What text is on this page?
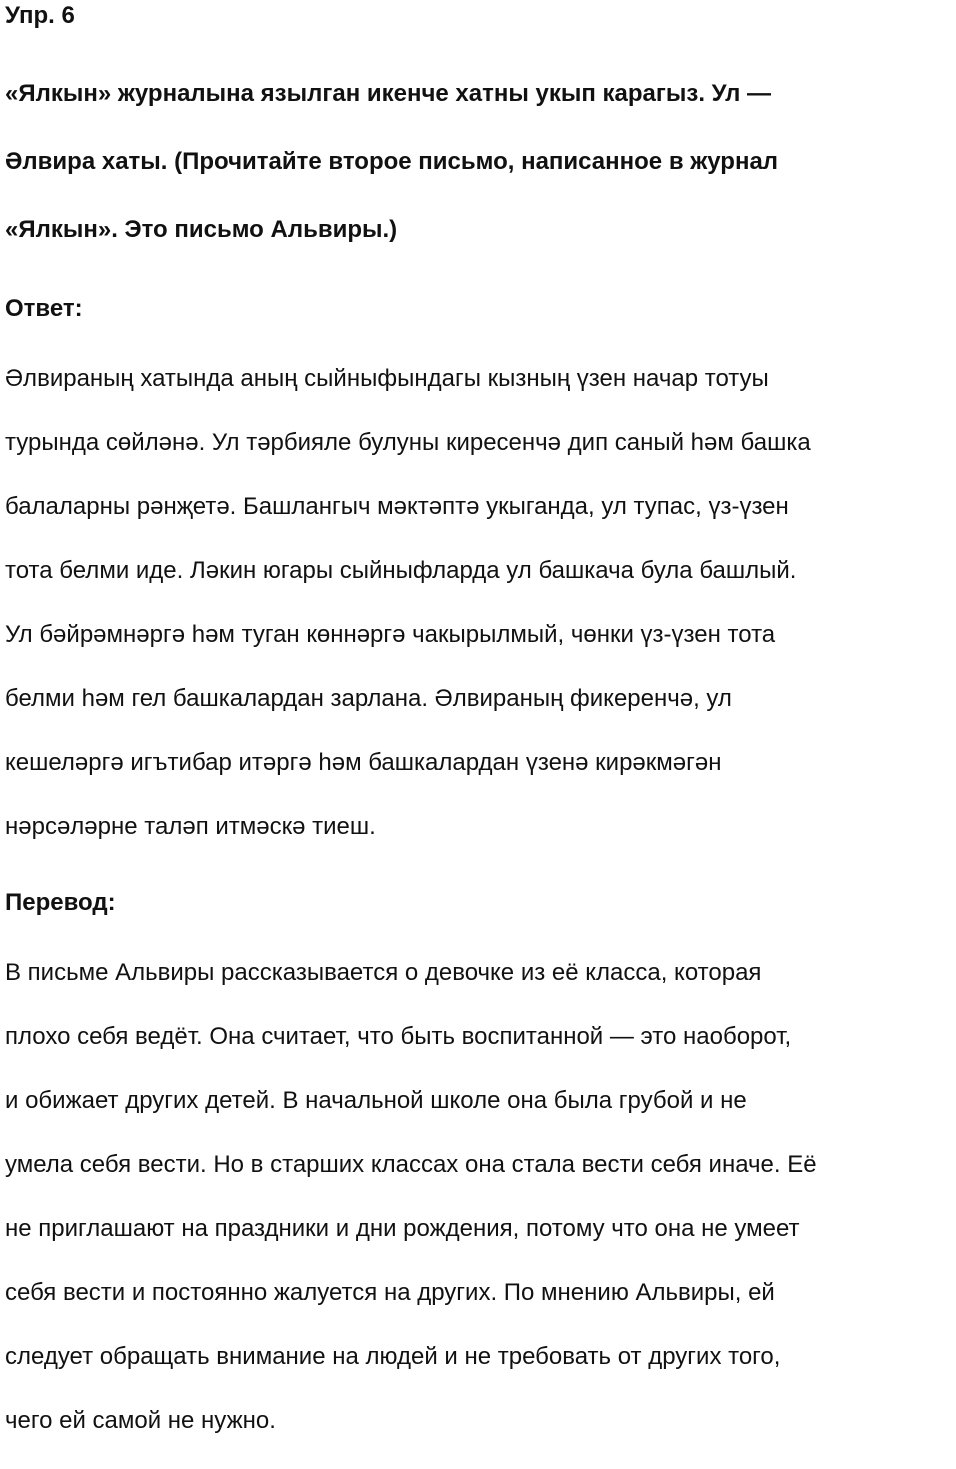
Упр. 6

«Ялкын» журналына язылган икенче хатны укып карагыз. Ул —

Әлвира хаты. (Прочитайте второе письмо, написанное в журнал

«Ялкын». Это письмо Альвиры.)

Ответ:

Әлвираның хатында аның сыйныфындагы кызның үзен начар тотуы

турында сөйләнә. Ул тәрбияле булуны киресенчә дип саный һәм башка

балаларны рәнҗетә. Башлангыч мәктәптә укыганда, ул тупас, үз-үзен

тота белми иде. Ләкин югары сыйныфларда ул башкача була башлый.

Ул бәйрәмнәргә һәм туган көннәргә чакырылмый, чөнки үз-үзен тота

белми һәм гел башкалардан зарлана. Әлвираның фикеренчә, ул

кешеләргә игътибар итәргә һәм башкалардан үзенә кирәкмәгән

нәрсәләрне таләп итмәскә тиеш.

Перевод:

В письме Альвиры рассказывается о девочке из её класса, которая

плохо себя ведёт. Она считает, что быть воспитанной — это наоборот,

и обижает других детей. В начальной школе она была грубой и не

умела себя вести. Но в старших классах она стала вести себя иначе. Её

не приглашают на праздники и дни рождения, потому что она не умеет

себя вести и постоянно жалуется на других. По мнению Альвиры, ей

следует обращать внимание на людей и не требовать от других того,

чего ей самой не нужно.
